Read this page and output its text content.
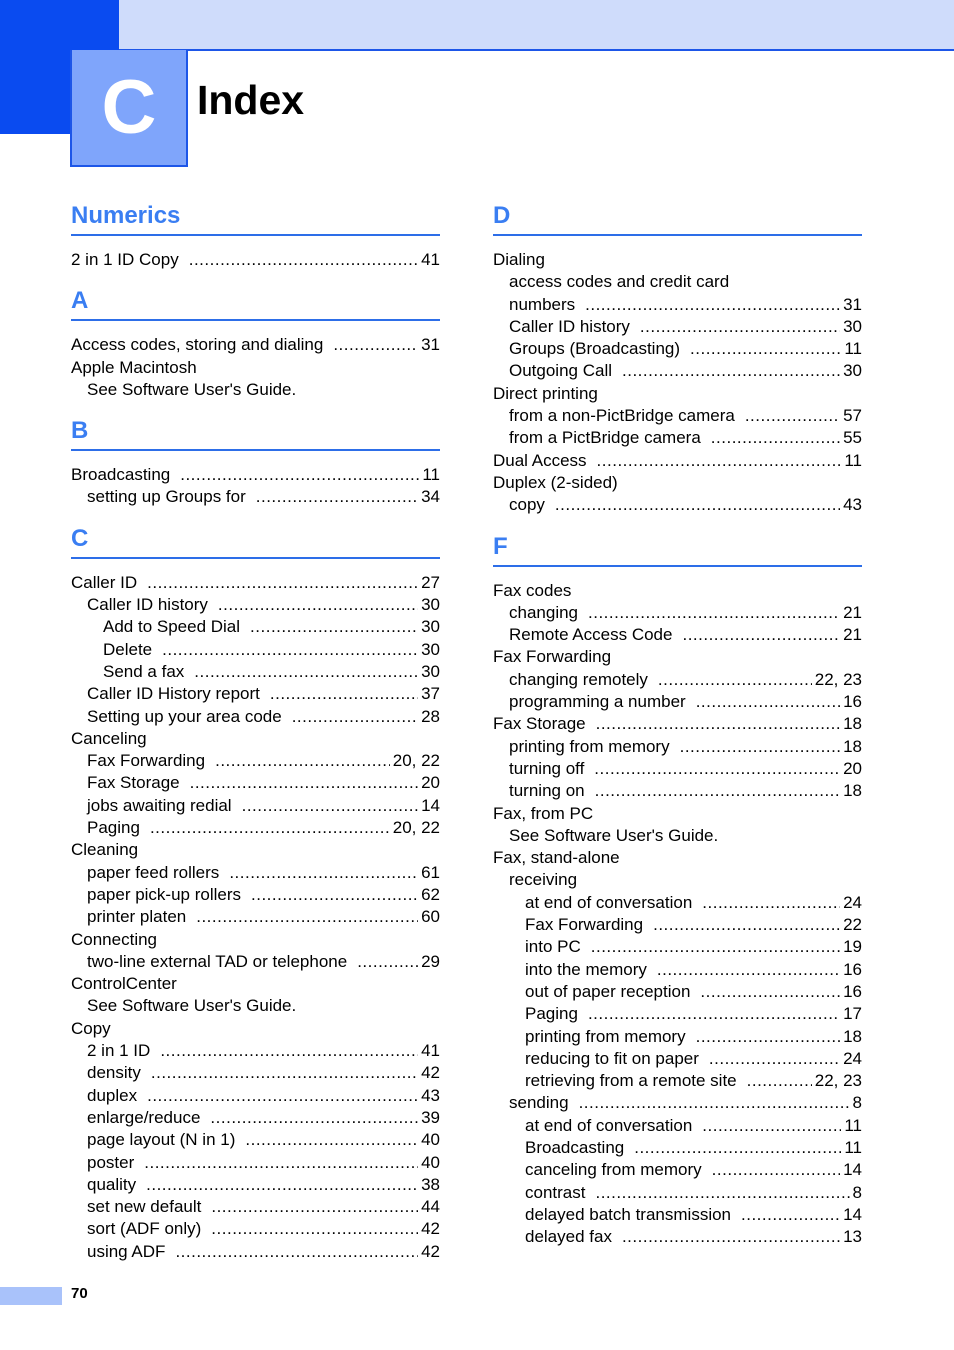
C Index
Numerics
2 in 1 ID Copy .....	41
A
Access codes, storing and dialing .....	31
Apple Macintosh
See Software User's Guide.
B
Broadcasting .....	11
setting up Groups for .....	34
C
Caller ID .....	27
Caller ID history .....	30
Add to Speed Dial .....	30
Delete .....	30
Send a fax .....	30
Caller ID History report .....	37
Setting up your area code .....	28
Canceling
Fax Forwarding .....	20, 22
Fax Storage .....	20
jobs awaiting redial .....	14
Paging .....	20, 22
Cleaning
paper feed rollers .....	61
paper pick-up rollers .....	62
printer platen .....	60
Connecting
two-line external TAD or telephone .....	29
ControlCenter
See Software User's Guide.
Copy
2 in 1 ID .....	41
density .....	42
duplex .....	43
enlarge/reduce .....	39
page layout (N in 1) .....	40
poster .....	40
quality .....	38
set new default .....	44
sort (ADF only) .....	42
using ADF .....	42
D
Dialing
access codes and credit card
numbers .....	31
Caller ID history .....	30
Groups (Broadcasting) .....	11
Outgoing Call .....	30
Direct printing
from a non-PictBridge camera .....	57
from a PictBridge camera .....	55
Dual Access .....	11
Duplex (2-sided)
copy .....	43
F
Fax codes
changing .....	21
Remote Access Code .....	21
Fax Forwarding
changing remotely .....	22, 23
programming a number .....	16
Fax Storage .....	18
printing from memory .....	18
turning off .....	20
turning on .....	18
Fax, from PC
See Software User's Guide.
Fax, stand-alone
receiving
at end of conversation .....	24
Fax Forwarding .....	22
into PC .....	19
into the memory .....	16
out of paper reception .....	16
Paging .....	17
printing from memory .....	18
reducing to fit on paper .....	24
retrieving from a remote site .....	22, 23
sending .....	8
at end of conversation .....	11
Broadcasting .....	11
canceling from memory .....	14
contrast .....	8
delayed batch transmission .....	14
delayed fax .....	13
70
